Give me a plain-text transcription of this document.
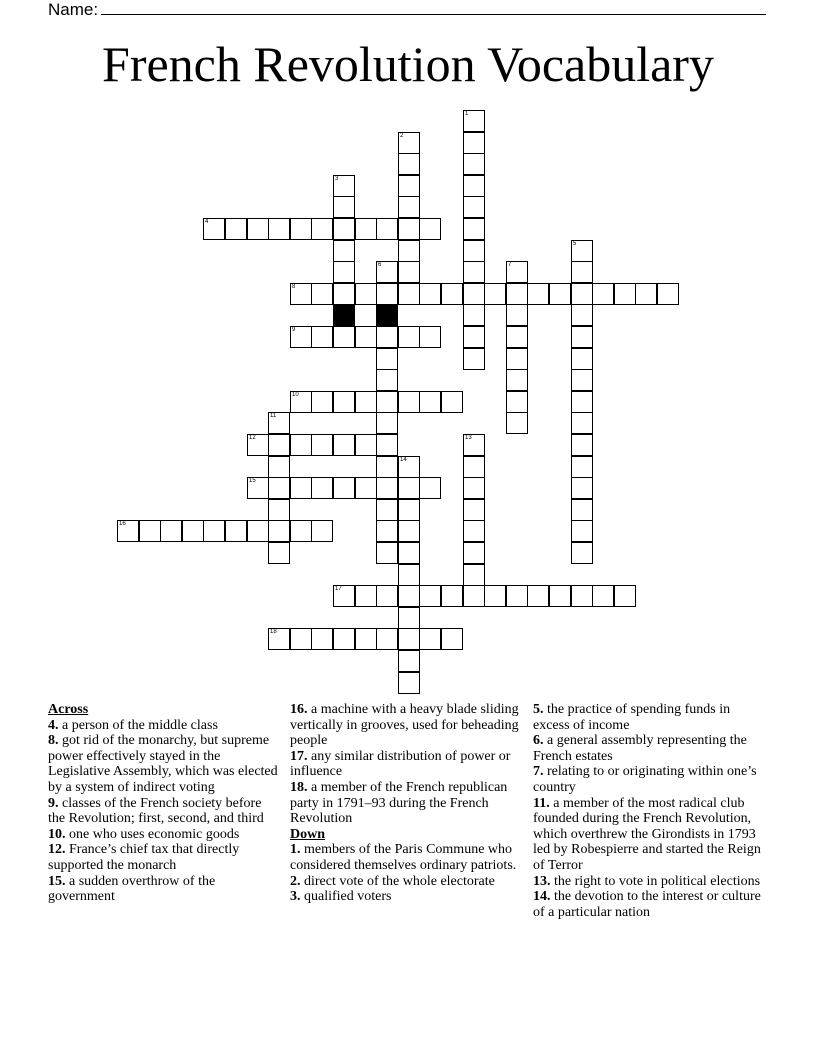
Name:
French Revolution Vocabulary
1
2
3
4
5
6	7
8
9
10
11
12	13
14
15
16
17
18
Across
4. a person of the middle class
8. got rid of the monarchy, but supreme power effectively stayed in the Legislative Assembly, which was elected by a system of indirect voting
9. classes of the French society before the Revolution; first, second, and third
10. one who uses economic goods
12. France’s chief tax that directly supported the monarch
15. a sudden overthrow of the government
16. a machine with a heavy blade sliding vertically in grooves, used for beheading people
17. any similar distribution of power or influence
18. a member of the French republican party in 1791–93 during the French Revolution
Down
1. members of the Paris Commune who considered themselves ordinary patriots.
2. direct vote of the whole electorate
3. qualified voters
5. the practice of spending funds in excess of income
6. a general assembly representing the French estates
7. relating to or originating within one’s country
11. a member of the most radical club founded during the French Revolution, which overthrew the Girondists in 1793 led by Robespierre and started the Reign of Terror
13. the right to vote in political elections
14. the devotion to the interest or culture of a particular nation
